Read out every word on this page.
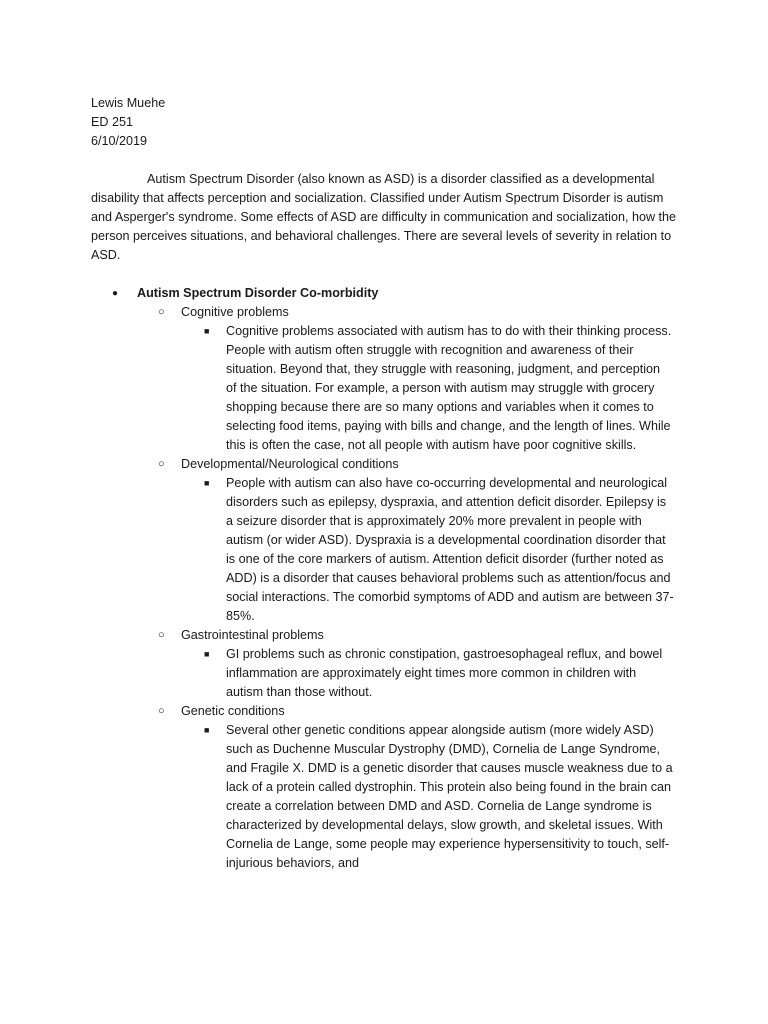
Lewis Muehe
ED 251
6/10/2019
Autism Spectrum Disorder (also known as ASD) is a disorder classified as a developmental disability that affects perception and socialization. Classified under Autism Spectrum Disorder is autism and Asperger's syndrome. Some effects of ASD are difficulty in communication and socialization, how the person perceives situations, and behavioral challenges. There are several levels of severity in relation to ASD.
● Autism Spectrum Disorder Co-morbidity
○ Cognitive problems
■ Cognitive problems associated with autism has to do with their thinking process. People with autism often struggle with recognition and awareness of their situation. Beyond that, they struggle with reasoning, judgment, and perception of the situation. For example, a person with autism may struggle with grocery shopping because there are so many options and variables when it comes to selecting food items, paying with bills and change, and the length of lines. While this is often the case, not all people with autism have poor cognitive skills.
○ Developmental/Neurological conditions
■ People with autism can also have co-occurring developmental and neurological disorders such as epilepsy, dyspraxia, and attention deficit disorder. Epilepsy is a seizure disorder that is approximately 20% more prevalent in people with autism (or wider ASD). Dyspraxia is a developmental coordination disorder that is one of the core markers of autism. Attention deficit disorder (further noted as ADD) is a disorder that causes behavioral problems such as attention/focus and social interactions. The comorbid symptoms of ADD and autism are between 37-85%.
○ Gastrointestinal problems
■ GI problems such as chronic constipation, gastroesophageal reflux, and bowel inflammation are approximately eight times more common in children with autism than those without.
○ Genetic conditions
■ Several other genetic conditions appear alongside autism (more widely ASD) such as Duchenne Muscular Dystrophy (DMD), Cornelia de Lange Syndrome, and Fragile X. DMD is a genetic disorder that causes muscle weakness due to a lack of a protein called dystrophin. This protein also being found in the brain can create a correlation between DMD and ASD. Cornelia de Lange syndrome is characterized by developmental delays, slow growth, and skeletal issues. With Cornelia de Lange, some people may experience hypersensitivity to touch, self-injurious behaviors, and
